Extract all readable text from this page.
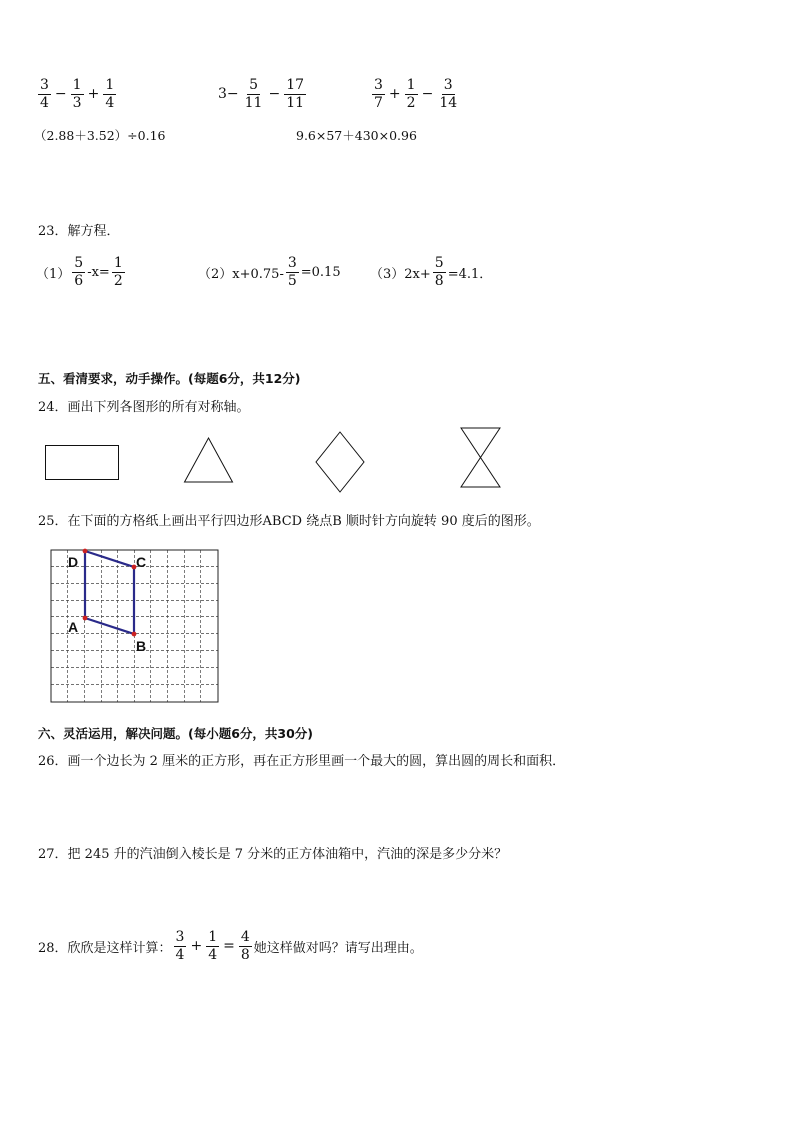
$\frac{3}{4} - \frac{1}{3} + \frac{1}{4}$	$3- \frac{5}{11} - \frac{17}{11}$	$\frac{3}{7} + \frac{1}{2} - \frac{3}{14}$
（2.88＋3.52）÷0.16	9.6×57＋430×0.96
23．解方程．
$(1) \frac{5}{6} -x= \frac{1}{2}$	$(2)x+0.75- \frac{3}{5} =0.15$ $(3)2x+ \frac{5}{8} =4.1$．
五、看清要求，动手操作。(每题6分，共12分)
24．画出下列各图形的所有对称轴。
25．在下面的方格纸上画出平行四边形ABCD 绕点B 顺时针方向旋转 90 度后的图形。
D	C
A
B
六、灵活运用，解决问题。(每小题6分，共30分)
26．画一个边长为 2 厘米的正方形，再在正方形里画一个最大的圆，算出圆的周长和面积．
27．把 245 升的汽油倒入棱长是 7 分米的正方体油箱中，汽油的深是多少分米？
28．欣欣是这样计算： $\frac{3}{4} + \frac{1}{4} = \frac{4}{8}$ 她这样做对吗？请写出理由。
